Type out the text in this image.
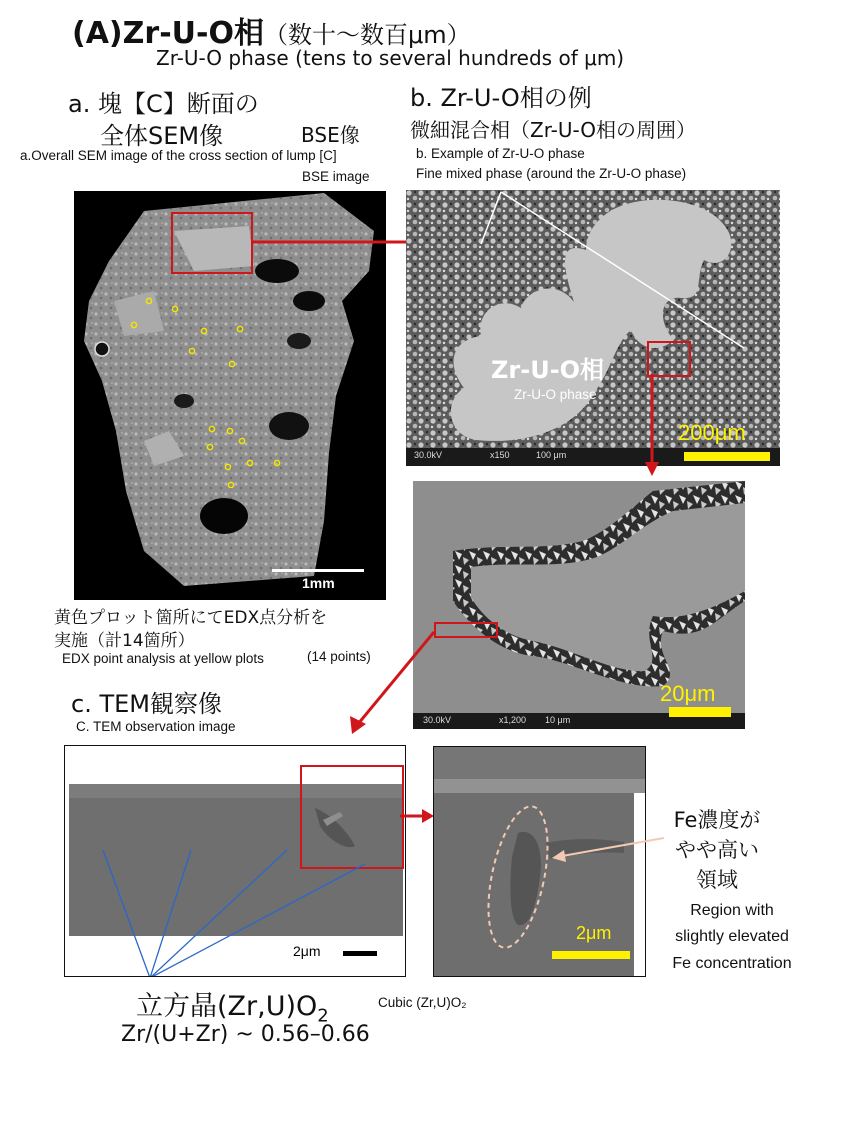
(A)Zr-U-O相（数十～数百μm）
Zr-U-O phase (tens to several hundreds of μm)
a. 塊【C】断面の
全体SEM像	BSE像
a.Overall SEM image of the cross section of lump [C]
BSE image
b. Zr-U-O相の例
微細混合相（Zr-U-O相の周囲）
b. Example of Zr-U-O phase
Fine mixed phase (around the Zr-U-O phase)
1mm
Zr-U-O相
Zr-U-O phase
200μm
30.0kV	x150	100 μm
20μm
30.0kV	x1,200 10 μm
黄色プロット箇所にてEDX点分析を
実施（計14箇所）
EDX point analysis at yellow plots	(14 points)
c. TEM観察像
C. TEM observation image
2μm
2μm
Fe濃度が
やや高い
領域
Region with
slightly elevated
Fe concentration
立方晶$(Zr,U)O_2$
Cubic (Zr,U)O₂
Zr/(U+Zr) ~ 0.56–0.66
